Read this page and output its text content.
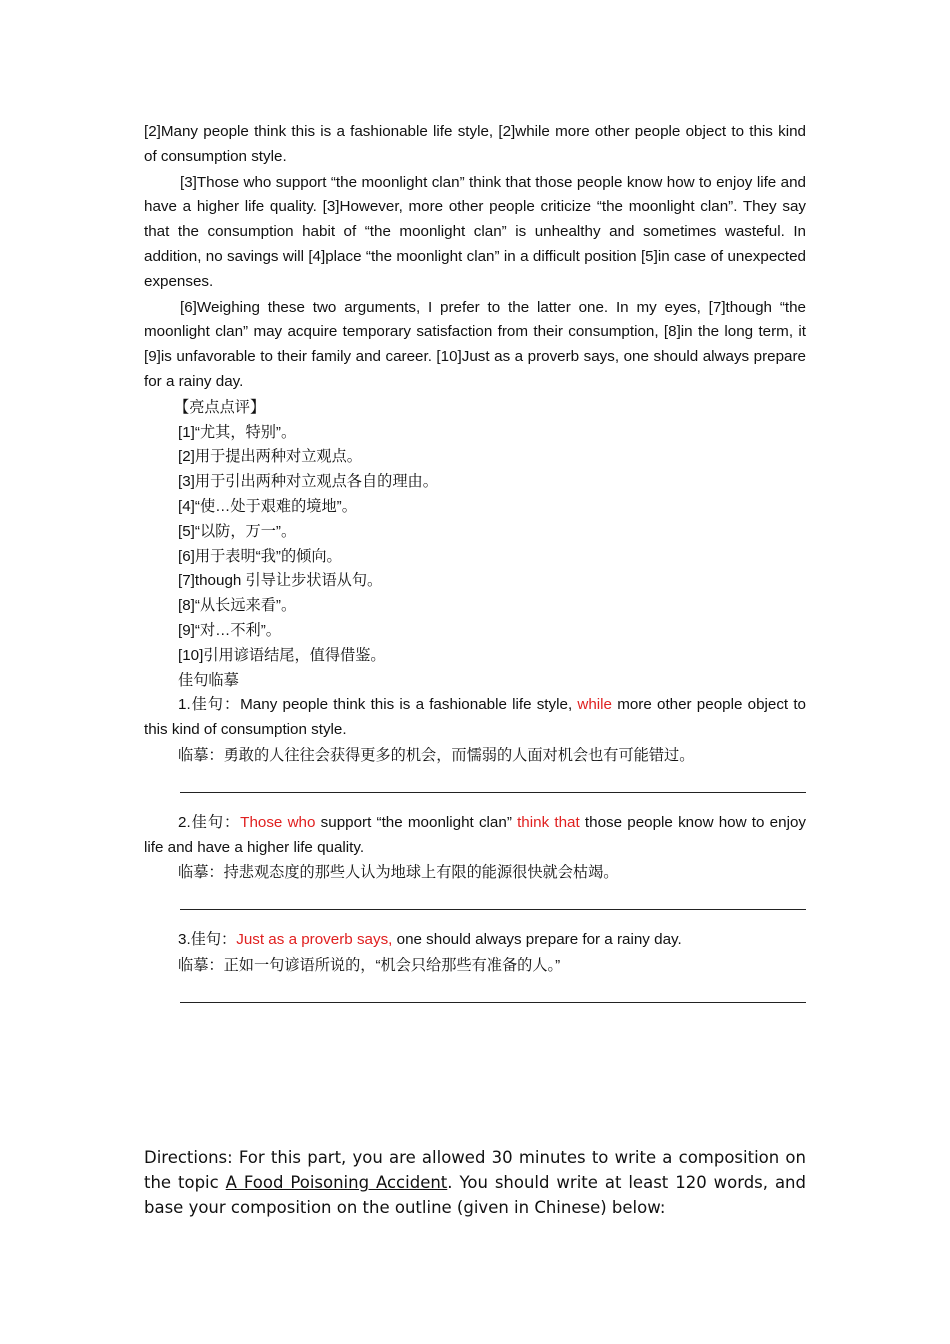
[2]Many people think this is a fashionable life style, [2]while more other people object to this kind of consumption style.

[3]Those who support “the moonlight clan” think that those people know how to enjoy life and have a higher life quality. [3]However, more other people criticize “the moonlight clan”. They say that the consumption habit of “the moonlight clan” is unhealthy and sometimes wasteful. In addition, no savings will [4]place “the moonlight clan” in a difficult position [5]in case of unexpected expenses.

[6]Weighing these two arguments, I prefer to the latter one. In my eyes, [7]though “the moonlight clan” may acquire temporary satisfaction from their consumption, [8]in the long term, it [9]is unfavorable to their family and career. [10]Just as a proverb says, one should always prepare for a rainy day.

【亮点点评】

[1]“尤其，特别”。

[2]用于提出两种对立观点。

[3]用于引出两种对立观点各自的理由。

[4]“使…处于艰难的境地”。

[5]“以防，万一”。

[6]用于表明“我”的倾向。

[7]though 引导让步状语从句。

[8]“从长远来看”。

[9]“对…不利”。

[10]引用谚语结尾，值得借鉴。

佳句临摹

1.佳句：Many people think this is a fashionable life style, while more other people object to this kind of consumption style.

临摹：勇敢的人往往会获得更多的机会，而懦弱的人面对机会也有可能错过。

2.佳句：Those who support “the moonlight clan” think that those people know how to enjoy life and have a higher life quality.

临摹：持悲观态度的那些人认为地球上有限的能源很快就会枯竭。

3.佳句：Just as a proverb says, one should always prepare for a rainy day.

临摹：正如一句谚语所说的，“机会只给那些有准备的人。”

Directions: For this part, you are allowed 30 minutes to write a composition on the topic A Food Poisoning Accident. You should write at least 120 words, and base your composition on the outline (given in Chinese) below:
